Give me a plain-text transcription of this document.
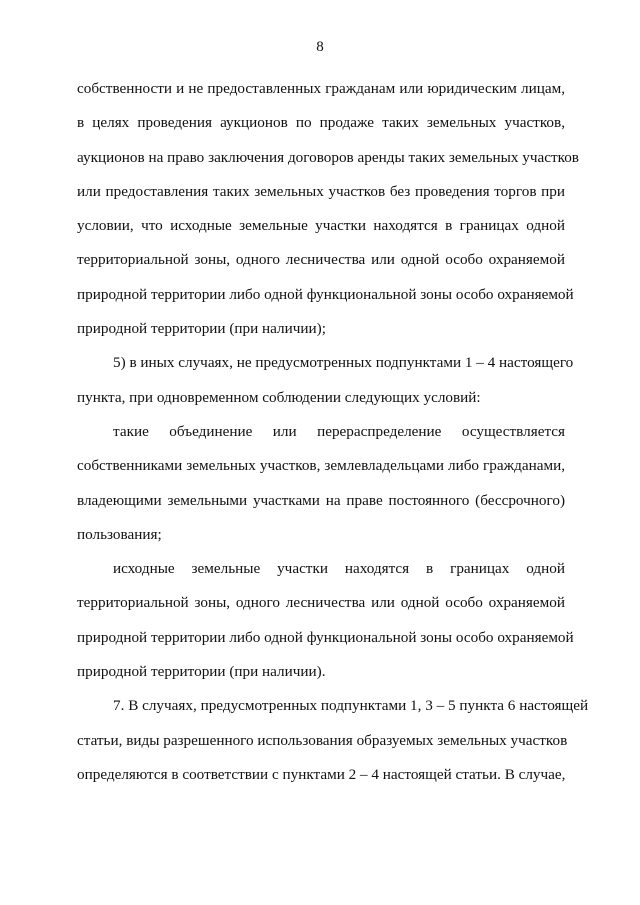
8
собственности и не предоставленных гражданам или юридическим лицам,
в целях проведения аукционов по продаже таких земельных участков,
аукционов на право заключения договоров аренды таких земельных участков
или предоставления таких земельных участков без проведения торгов при
условии, что исходные земельные участки находятся в границах одной
территориальной зоны, одного лесничества или одной особо охраняемой
природной территории либо одной функциональной зоны особо охраняемой
природной территории (при наличии);
5) в иных случаях, не предусмотренных подпунктами 1 – 4 настоящего
пункта, при одновременном соблюдении следующих условий:
такие объединение или перераспределение осуществляется
собственниками земельных участков, землевладельцами либо гражданами,
владеющими земельными участками на праве постоянного (бессрочного)
пользования;
исходные земельные участки находятся в границах одной
территориальной зоны, одного лесничества или одной особо охраняемой
природной территории либо одной функциональной зоны особо охраняемой
природной территории (при наличии).
7. В случаях, предусмотренных подпунктами 1, 3 – 5 пункта 6 настоящей
статьи, виды разрешенного использования образуемых земельных участков
определяются в соответствии с пунктами 2 – 4 настоящей статьи. В случае,
